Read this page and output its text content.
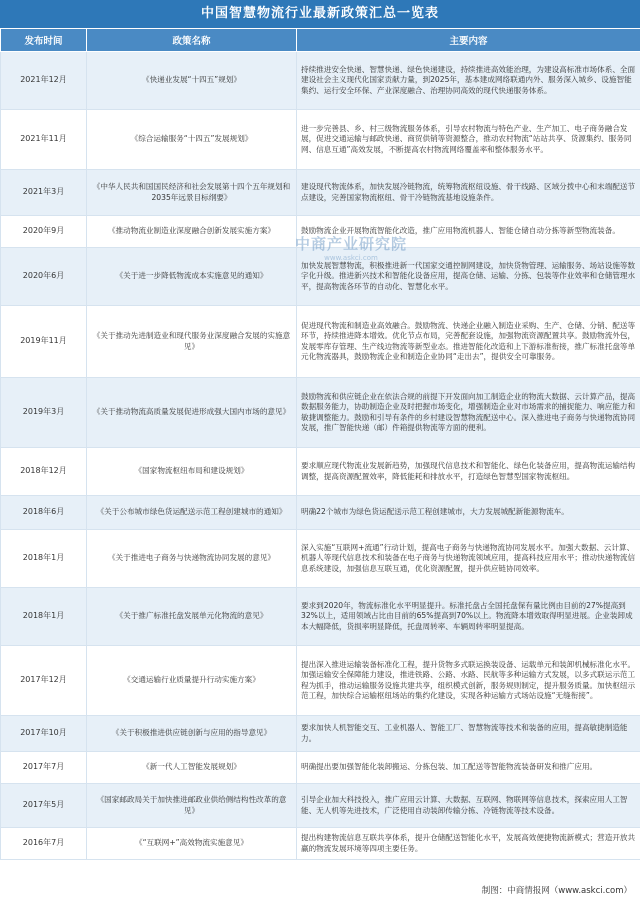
中国智慧物流行业最新政策汇总一览表
发布时间	政策名称	主要内容
2021年12月	《快递业发展“十四五”规划》	持续推进安全快递、智慧快递、绿色快递建设，持续推进高效能治理，为建设高标准市场体系、全面建设社会主义现代化国家贡献力量，到2025年，基本建成网络联通内外、服务深入城乡、设施智能集约、运行安全环保、产业深度融合、治理协同高效的现代快递服务体系。
2021年11月	《综合运输服务“十四五”发展规划》	进一步完善县、乡、村三级物流服务体系，引导农村物流与特色产业、生产加工、电子商务融合发展，促进交通运输与邮政快递、商贸供销等资源整合，推动农村物流“站站共享、货源集约、服务同网、信息互通”高效发展，不断提高农村物流网络覆盖率和整体服务水平。
2021年3月	《中华人民共和国国民经济和社会发展第十四个五年规划和2035年远景目标纲要》	建设现代物流体系，加快发展冷链物流，统筹物流枢纽设施、骨干线路、区域分拨中心和末端配送节点建设，完善国家物流枢纽、骨干冷链物流基地设施条件。
2020年9月	《推动物流业制造业深度融合创新发展实施方案》	鼓励物流企业开展物流智能化改造，推广应用物流机器人、智能仓储自动分拣等新型物流装备。
2020年6月	《关于进一步降低物流成本实施意见的通知》	加快发展智慧物流，积极推进新一代国家交通控制网建设，加快货物管理、运输服务、场站设施等数字化升级。推进新兴技术和智能化设备应用，提高仓储、运输、分拣、包装等作业效率和仓储管理水平，提高物流各环节的自动化、智慧化水平。
2019年11月	《关于推动先进制造业和现代服务业深度融合发展的实施意见》	促进现代物流和制造业高效融合。鼓励物流、快递企业融入制造业采购、生产、仓储、分销、配送等环节，持续推进降本增效。优化节点布局，完善配套设施，加强物流资源配置共享。鼓励物流外包，发展零库存管理、生产线边物流等新型业态。推进智能化改造和上下游标准衔接，推广标准托盘等单元化物流器具，鼓励物流企业和制造企业协同“走出去”，提供安全可靠服务。
2019年3月	《关于推动物流高质量发展促进形成强大国内市场的意见》	鼓励物流和供应链企业在依法合规的前提下开发面向加工制造企业的物流大数据、云计算产品，提高数据服务能力，协助制造企业及时把握市场变化，增强制造企业对市场需求的捕捉能力、响应能力和敏捷调整能力。鼓励和引导有条件的乡村建设智慧物流配送中心。深入推进电子商务与快递物流协同发展，推广智能快递（邮）件箱提供物流等方面的便利。
2018年12月	《国家物流枢纽布局和建设规划》	要求顺应现代物流业发展新趋势，加强现代信息技术和智能化、绿色化装备应用，提高物流运输结构调整，提高资源配置效率，降低能耗和排放水平，打造绿色智慧型国家物流枢纽。
2018年6月	《关于公布城市绿色货运配送示范工程创建城市的通知》	明确22个城市为绿色货运配送示范工程创建城市，大力发展城配新能源物流车。
2018年1月	《关于推进电子商务与快递物流协同发展的意见》	深入实施“互联网+流通”行动计划，提高电子商务与快递物流协同发展水平。加强大数据、云计算、机器人等现代信息技术和装备在电子商务与快递物流领域应用，提高科技应用水平；推动快递物流信息系统建设，加强信息互联互通，优化资源配置，提升供应链协同效率。
2018年1月	《关于推广标准托盘发展单元化物流的意见》	要求到2020年，物流标准化水平明显提升。标准托盘占全国托盘保有量比例由目前的27%提高到32%以上，适用领域占比由目前的65%提高到70%以上。物流降本增效取得明显进展。企业装卸成本大幅降低，货损率明显降低，托盘周转率、车辆周转率明显提高。
2017年12月	《交通运输行业质量提升行动实施方案》	提出深入推进运输装备标准化工程，提升货物多式联运换装设备、运载单元和装卸机械标准化水平。加强运输安全保障能力建设，推进铁路、公路、水路、民航等多种运输方式发展，以多式联运示范工程为抓手，推动运输服务设施共建共享，组织模式创新，服务规则制定，提升服务质量。加快枢纽示范工程，加快综合运输枢纽场站的集约化建设，实现各种运输方式场站设施“无缝衔接”。
2017年10月	《关于积极推进供应链创新与应用的指导意见》	要求加快人机智能交互、工业机器人、智能工厂、智慧物流等技术和装备的应用，提高敏捷制造能力。
2017年7月	《新一代人工智能发展规划》	明确提出要加强智能化装卸搬运、分拣包装、加工配送等智能物流装备研发和推广应用。
2017年5月	《国家邮政局关于加快推进邮政业供给侧结构性改革的意见》	引导企业加大科技投入，推广应用云计算、大数据、互联网、物联网等信息技术，探索应用人工智能、无人机等先进技术，广泛使用自动装卸传输分拣、冷链物流等技术设备。
2016年7月	《“互联网+”高效物流实施意见》	提出构建物流信息互联共享体系，提升仓储配送智能化水平，发展高效便捷物流新模式；营造开放共赢的物流发展环境等四项主要任务。
中商产业研究院
www.askci.com
制图：中商情报网（www.askci.com）
